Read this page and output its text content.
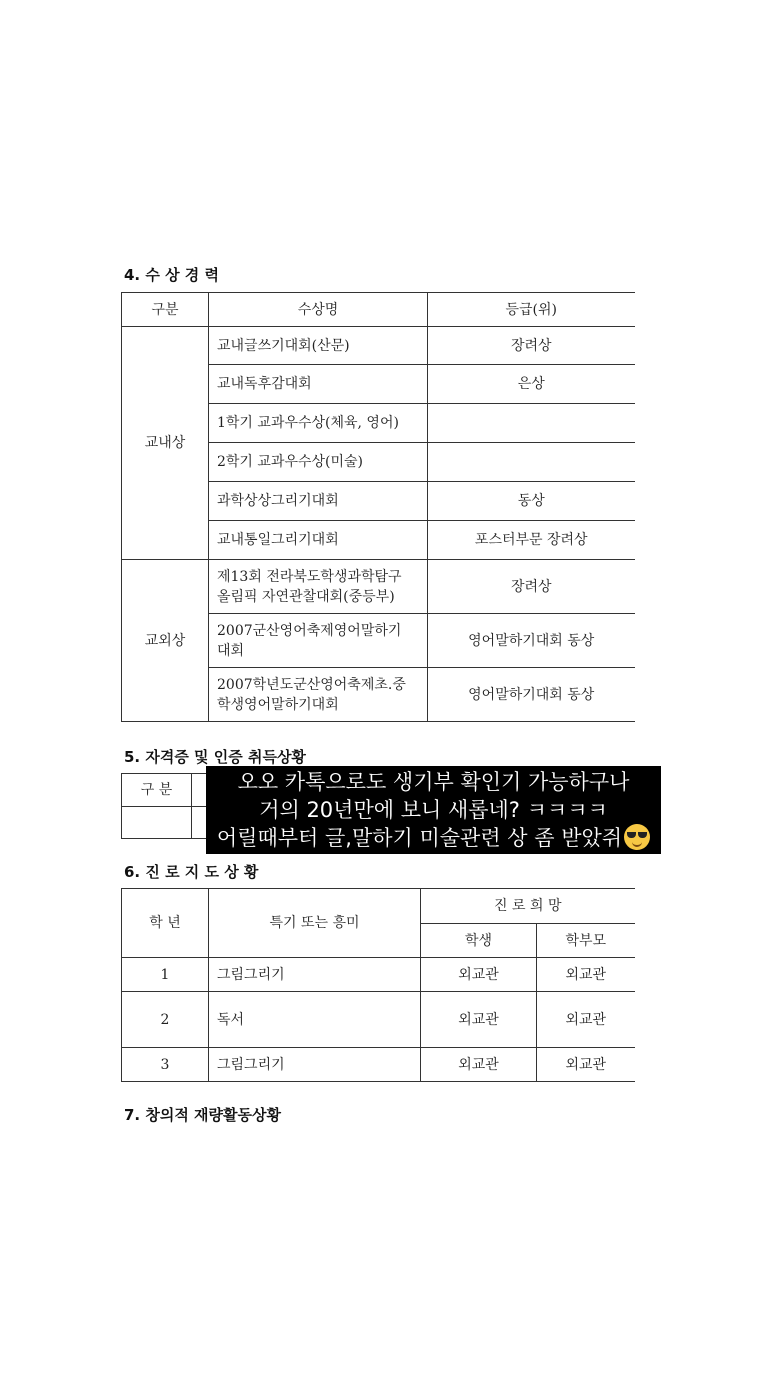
4. 수 상 경 력
구분	수상명	등급(위)
교내상	교내글쓰기대회(산문)	장려상
	교내독후감대회	은상
	1학기 교과우수상(체육, 영어)	
	2학기 교과우수상(미술)	
	과학상상그리기대회	동상
	교내통일그리기대회	포스터부문 장려상
교외상	제13회 전라북도학생과학탐구 올림픽 자연관찰대회(중등부)	장려상
	2007군산영어축제영어말하기 대회	영어말하기대회 동상
	2007학년도군산영어축제초.중 학생영어말하기대회	영어말하기대회 동상
5. 자격증 및 인증 취득상황
구 분	
		오오 카톡으로도 생기부 확인기 가능하구나
거의 20년만에 보니 새롭네? ㅋㅋㅋㅋ
어릴때부터 글,말하기 미술관련 상 좀 받았쥐
6. 진 로 지 도 상 황
학 년	특기 또는 흥미	진 로 희 망	
		학생	학부모
1	그림그리기	외교관	외교관
2	독서	외교관	외교관
3	그림그리기	외교관	외교관
7. 창의적 재량활동상황
